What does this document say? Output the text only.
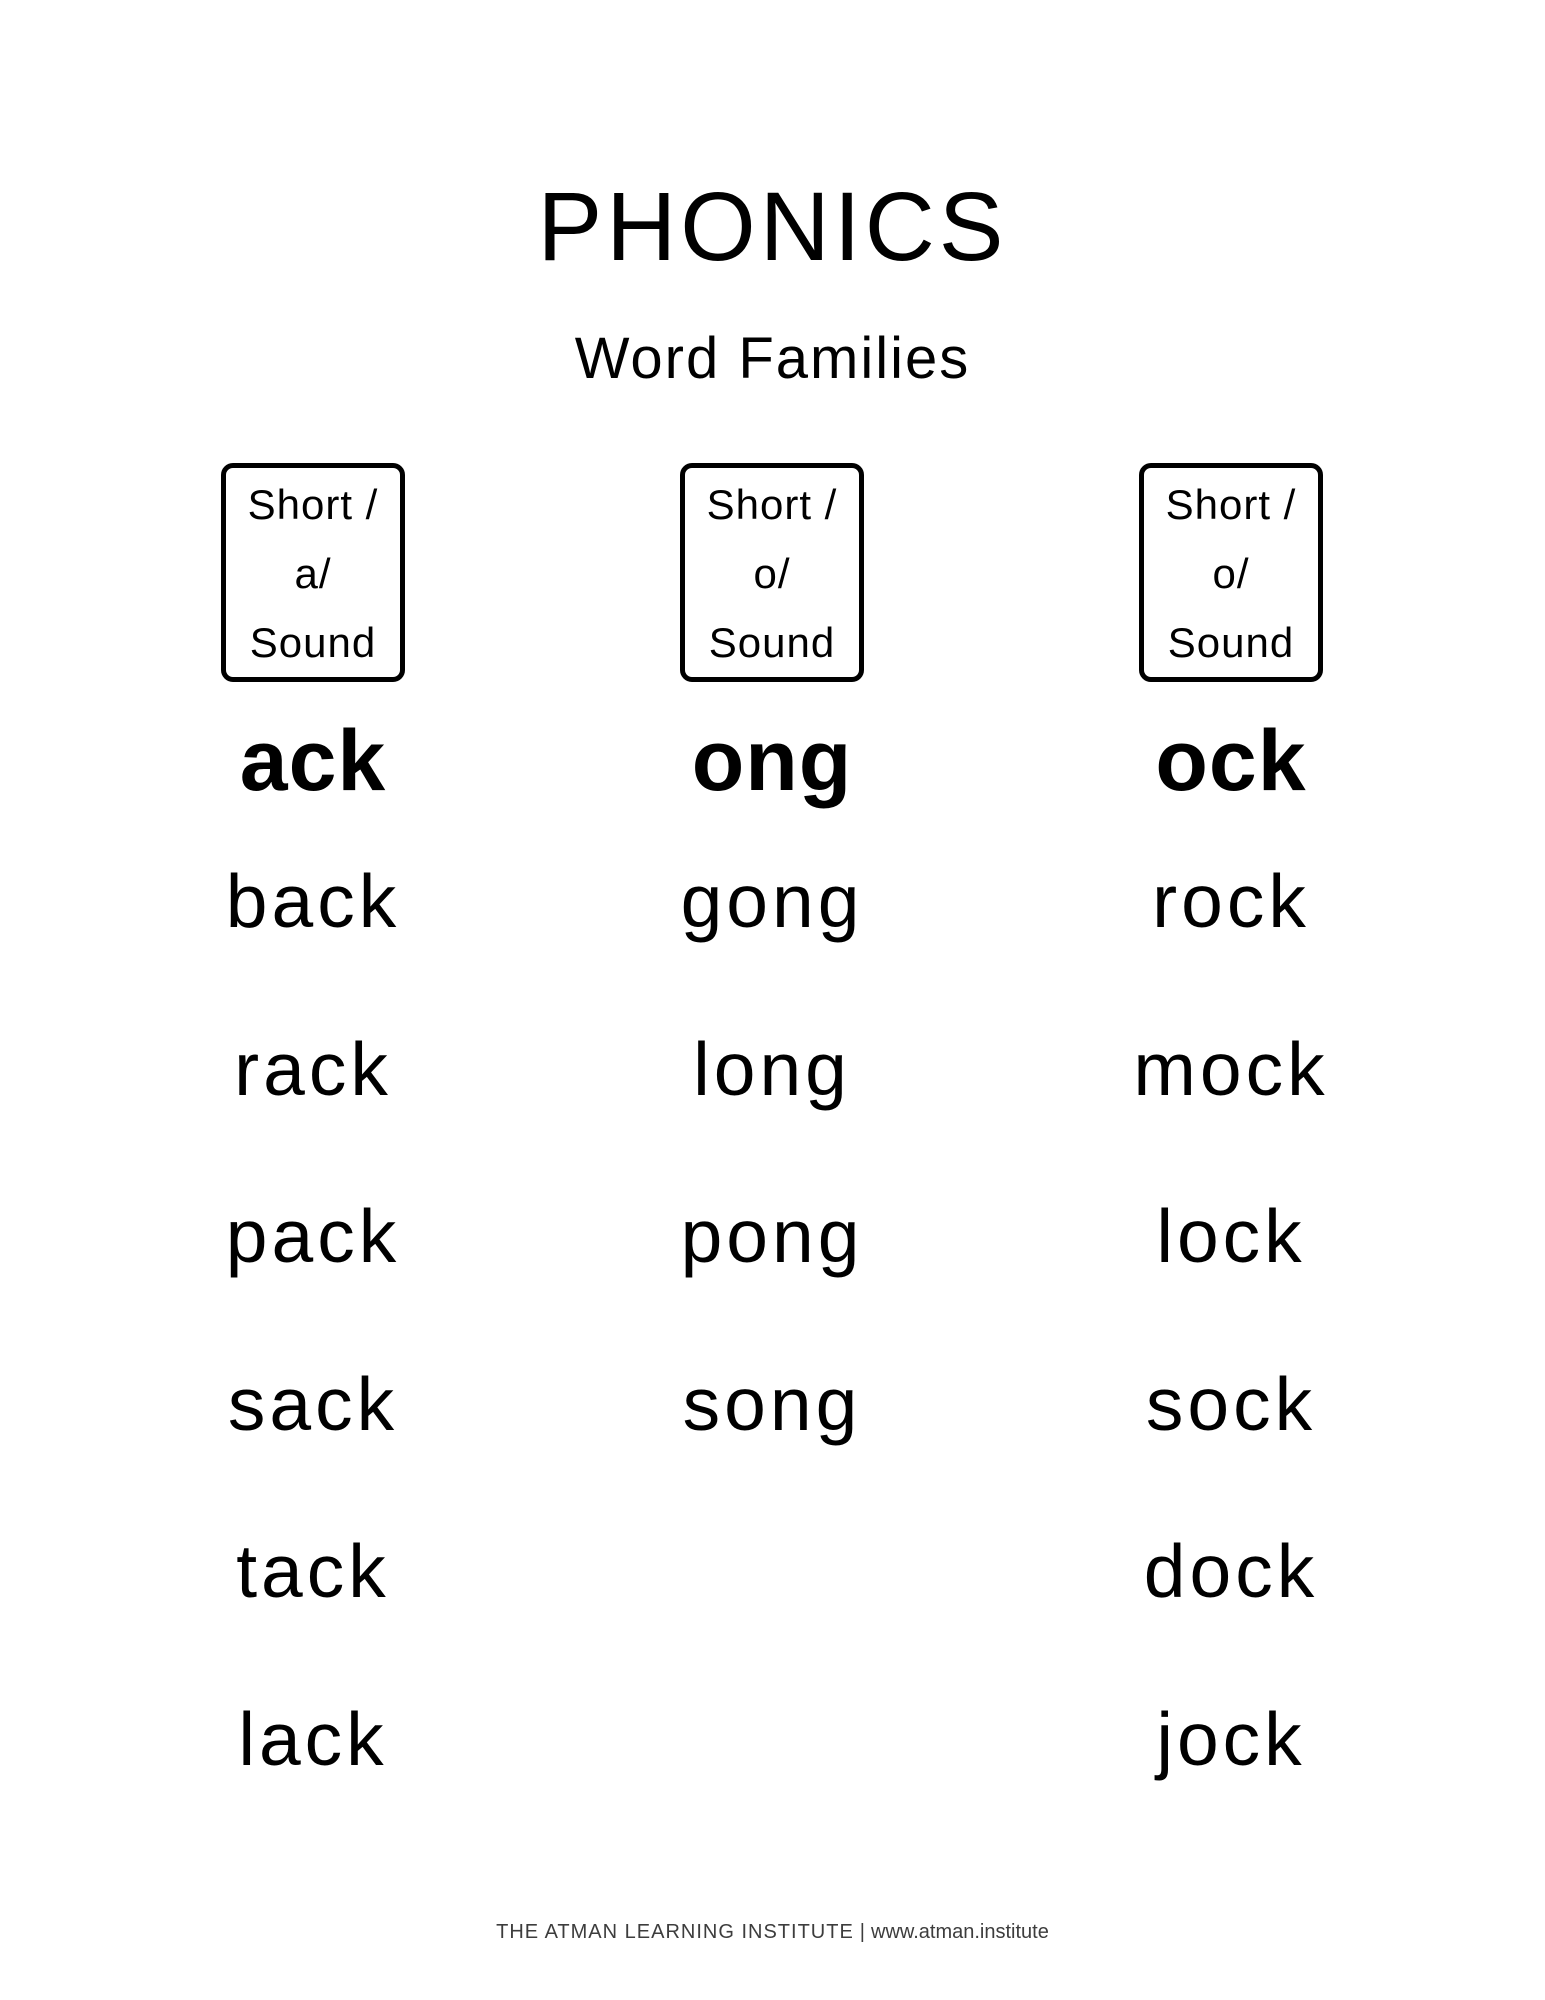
PHONICS
Word Families
Short /
a/
Sound
ack
back
rack
pack
sack
tack
lack
Short /
o/
Sound
ong
gong
long
pong
song
Short /
o/
Sound
ock
rock
mock
lock
sock
dock
jock
THE ATMAN LEARNING INSTITUTE | www.atman.institute
